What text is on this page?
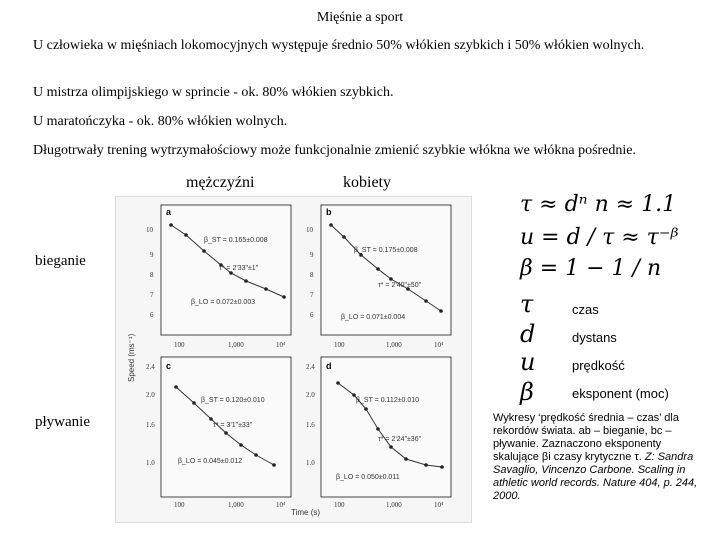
Mięśnie a sport
U człowieka w mięśniach lokomocyjnych występuje średnio 50% włókien szybkich i 50% włókien wolnych.
U mistrza olimpijskiego w sprincie - ok. 80% włókien szybkich.
U maratończyka - ok. 80% włókien wolnych.
Długotrwały trening wytrzymałościowy może funkcjonalnie zmienić szybkie włókna we włókna pośrednie.
mężczyźni	kobiety
Speed (ms⁻¹)
Time (s)
a
10
9
8
7
6
β_ST = 0.165±0.008
τ* = 2'33"±1"
β_LO = 0.072±0.003
100	1,000	10⁴
b
10
9
8
7
6
β_ST = 0.175±0.008
τ* = 2'40"±50"
β_LO = 0.071±0.004
100	1,000	10⁴
c
2.4
2.0
1.6
1.0
β_ST = 0.120±0.010
τ* = 3'1"±33"
β_LO = 0.045±0.012
100	1,000	10⁴
d
2.4
2.0
1.6
1.0
β_ST = 0.112±0.010
τ* = 2'24"±36"
β_LO = 0.050±0.011
100	1,000	10⁴
bieganie
pływanie
τ ≈ dⁿ n ≈ 1.1
u = d / τ ≈ τ⁻ᵝ
β = 1 − 1 / n
τ	czas
d	dystans
u	prędkość
β	eksponent (moc)
Wykresy ‘prędkość średnia – czas’ dla rekordów świata. ab – bieganie, bc – pływanie. Zaznaczono eksponenty skalujące βi czasy krytyczne τ. Z: Sandra Savaglio, Vincenzo Carbone. Scaling in athletic world records. Nature 404, p. 244, 2000.
